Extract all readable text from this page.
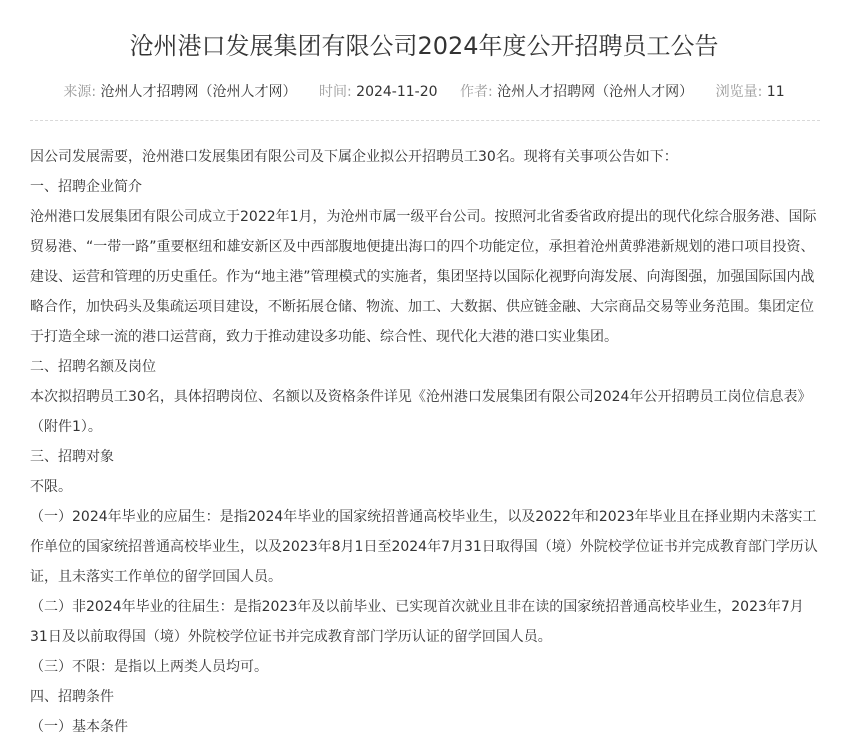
沧州港口发展集团有限公司2024年度公开招聘员工公告
来源: 沧州人才招聘网（沧州人才网） 时间: 2024-11-20 作者: 沧州人才招聘网（沧州人才网） 浏览量: 11

因公司发展需要，沧州港口发展集团有限公司及下属企业拟公开招聘员工30名。现将有关事项公告如下：

一、招聘企业简介

沧州港口发展集团有限公司成立于2022年1月，为沧州市属一级平台公司。按照河北省委省政府提出的现代化综合服务港、国际贸易港、“一带一路”重要枢纽和雄安新区及中西部腹地便捷出海口的四个功能定位，承担着沧州黄骅港新规划的港口项目投资、建设、运营和管理的历史重任。作为“地主港”管理模式的实施者，集团坚持以国际化视野向海发展、向海图强，加强国际国内战略合作，加快码头及集疏运项目建设，不断拓展仓储、物流、加工、大数据、供应链金融、大宗商品交易等业务范围。集团定位于打造全球一流的港口运营商，致力于推动建设多功能、综合性、现代化大港的港口实业集团。

二、招聘名额及岗位

本次拟招聘员工30名，具体招聘岗位、名额以及资格条件详见《沧州港口发展集团有限公司2024年公开招聘员工岗位信息表》（附件1）。

三、招聘对象

不限。

（一）2024年毕业的应届生：是指2024年毕业的国家统招普通高校毕业生，以及2022年和2023年毕业且在择业期内未落实工作单位的国家统招普通高校毕业生，以及2023年8月1日至2024年7月31日取得国（境）外院校学位证书并完成教育部门学历认证，且未落实工作单位的留学回国人员。

（二）非2024年毕业的往届生：是指2023年及以前毕业、已实现首次就业且非在读的国家统招普通高校毕业生，2023年7月31日及以前取得国（境）外院校学位证书并完成教育部门学历认证的留学回国人员。

（三）不限：是指以上两类人员均可。

四、招聘条件

（一）基本条件
